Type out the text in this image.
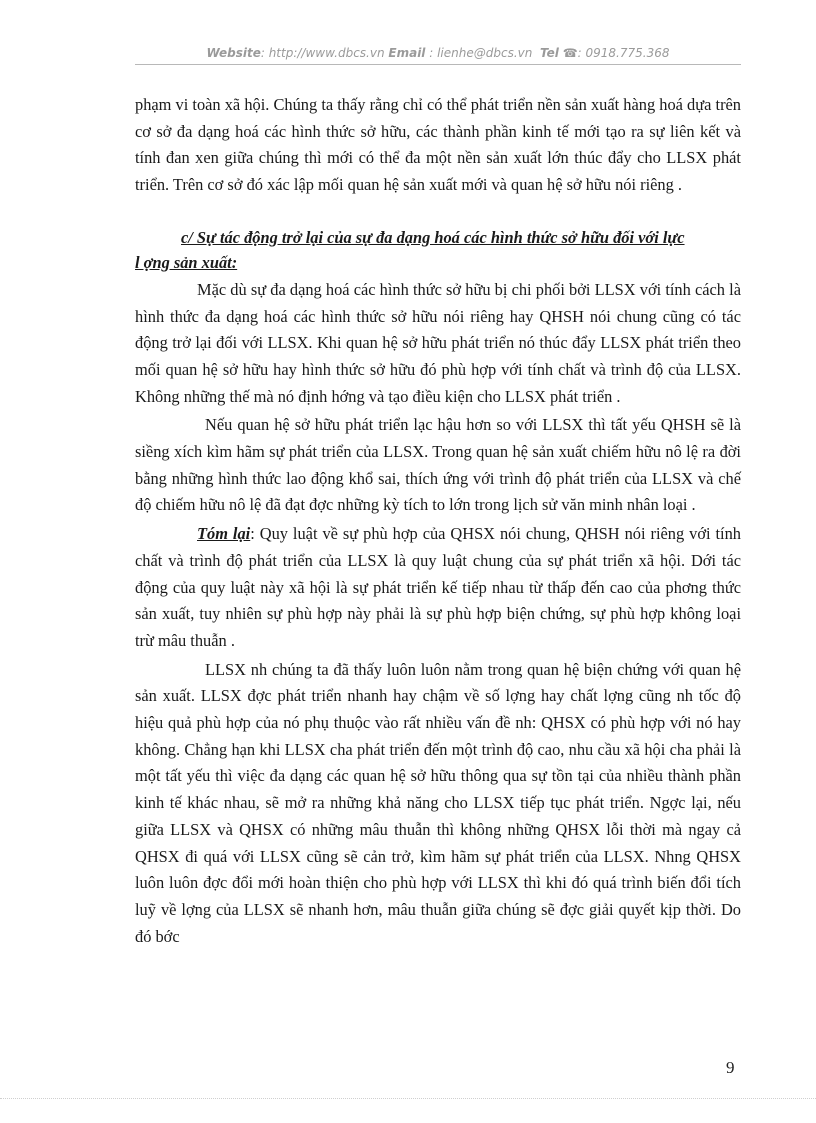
Website: http://www.dbcs.vn Email : lienhe@dbcs.vn Tel ☎: 0918.775.368

phạm vi toàn xã hội. Chúng ta thấy rằng chỉ có thể phát triển nền sản xuất hàng hoá dựa trên cơ sở đa dạng hoá các hình thức sở hữu, các thành phần kinh tế mới tạo ra sự liên kết và tính đan xen giữa chúng thì mới có thể đa một nền sản xuất lớn thúc đẩy cho LLSX phát triển. Trên cơ sở đó xác lập mối quan hệ sản xuất mới và quan hệ sở hữu nói riêng .

c/ Sự tác động trở lại của sự đa dạng hoá các hình thức sở hữu đối với lực
l ợng sản xuất:

Mặc dù sự đa dạng hoá các hình thức sở hữu bị chi phối bởi LLSX với tính cách là hình thức đa dạng hoá các hình thức sở hữu nói riêng hay QHSH nói chung cũng có tác động trở lại đối với LLSX. Khi quan hệ sở hữu phát triển nó thúc đẩy LLSX phát triển theo mối quan hệ sở hữu hay hình thức sở hữu đó phù hợp với tính chất và trình độ của LLSX. Không những thế mà nó định hớng và tạo điều kiện cho LLSX phát triển .

Nếu quan hệ sở hữu phát triển lạc hậu hơn so với LLSX thì tất yếu QHSH sẽ là siềng xích kìm hãm sự phát triển của LLSX. Trong quan hệ sản xuất chiếm hữu nô lệ ra đời bằng những hình thức lao động khổ sai, thích ứng với trình độ phát triển của LLSX và chế độ chiếm hữu nô lệ đã đạt đợc những kỳ tích to lớn trong lịch sử văn minh nhân loại .

Tóm lại: Quy luật về sự phù hợp của QHSX nói chung, QHSH nói riêng với tính chất và trình độ phát triển của LLSX là quy luật chung của sự phát triển xã hội. Dới tác động của quy luật này xã hội là sự phát triển kế tiếp nhau từ thấp đến cao của phơng thức sản xuất, tuy nhiên sự phù hợp này phải là sự phù hợp biện chứng, sự phù hợp không loại trừ mâu thuẫn .

LLSX nh chúng ta đã thấy luôn luôn nằm trong quan hệ biện chứng với quan hệ sản xuất. LLSX đợc phát triển nhanh hay chậm về số lợng hay chất lợng cũng nh tốc độ hiệu quả phù hợp của nó phụ thuộc vào rất nhiều vấn đề nh: QHSX có phù hợp với nó hay không. Chẳng hạn khi LLSX cha phát triển đến một trình độ cao, nhu cầu xã hội cha phải là một tất yếu thì việc đa dạng các quan hệ sở hữu thông qua sự tồn tại của nhiều thành phần kinh tế khác nhau, sẽ mở ra những khả năng cho LLSX tiếp tục phát triển. Ngợc lại, nếu giữa LLSX và QHSX có những mâu thuẫn thì không những QHSX lỗi thời mà ngay cả QHSX đi quá với LLSX cũng sẽ cản trở, kìm hãm sự phát triển của LLSX. Nhng QHSX luôn luôn đợc đổi mới hoàn thiện cho phù hợp với LLSX thì khi đó quá trình biến đổi tích luỹ về lợng của LLSX sẽ nhanh hơn, mâu thuẫn giữa chúng sẽ đợc giải quyết kịp thời. Do đó bớc

9
